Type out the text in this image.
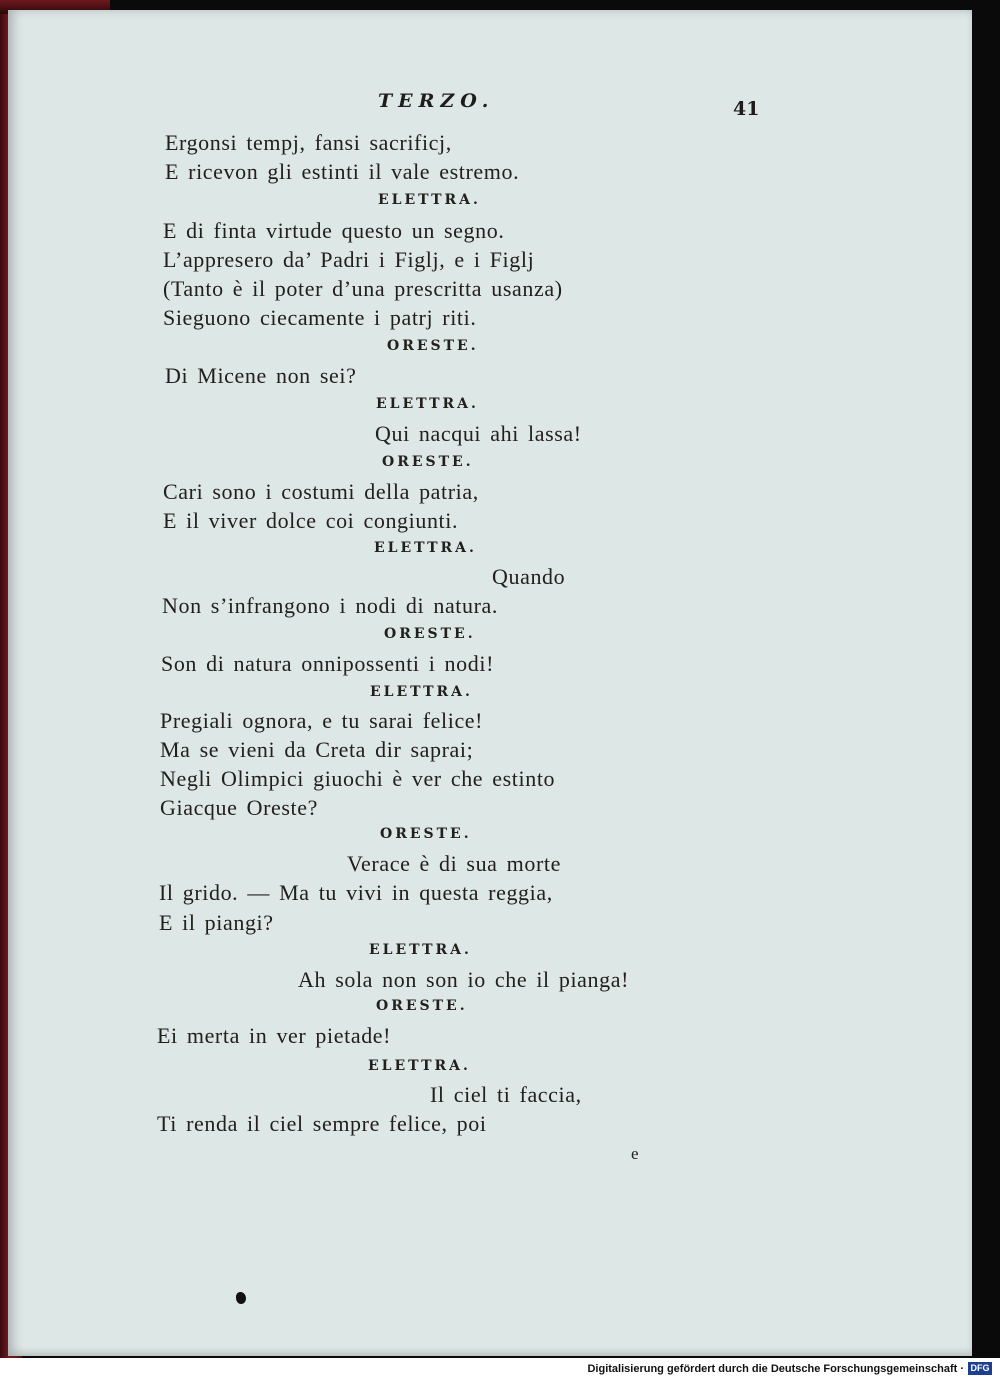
TERZO.	41
Ergonsi tempj, fansi sacrificj,
E ricevon gli estinti il vale estremo.
ELETTRA.
E di finta virtude questo un segno.
L’appresero da’ Padri i Figlj, e i Figlj
(Tanto è il poter d’una prescritta usanza)
Sieguono ciecamente i patrj riti.
ORESTE.
Di Micene non sei?
ELETTRA.
Qui nacqui ahi lassa!
ORESTE.
Cari sono i costumi della patria,
E il viver dolce coi congiunti.
ELETTRA.
Quando
Non s’infrangono i nodi di natura.
ORESTE.
Son di natura onnipossenti i nodi!
ELETTRA.
Pregiali ognora, e tu sarai felice!
Ma se vieni da Creta dir saprai;
Negli Olimpici giuochi è ver che estinto
Giacque Oreste?
ORESTE.
Verace è di sua morte
Il grido. — Ma tu vivi in questa reggia,
E il piangi?
ELETTRA.
Ah sola non son io che il pianga!
ORESTE.
Ei merta in ver pietade!
ELETTRA.
Il ciel ti faccia,
Ti renda il ciel sempre felice, poi
e
Digitalisierung gefördert durch die Deutsche Forschungsgemeinschaft · DFG
